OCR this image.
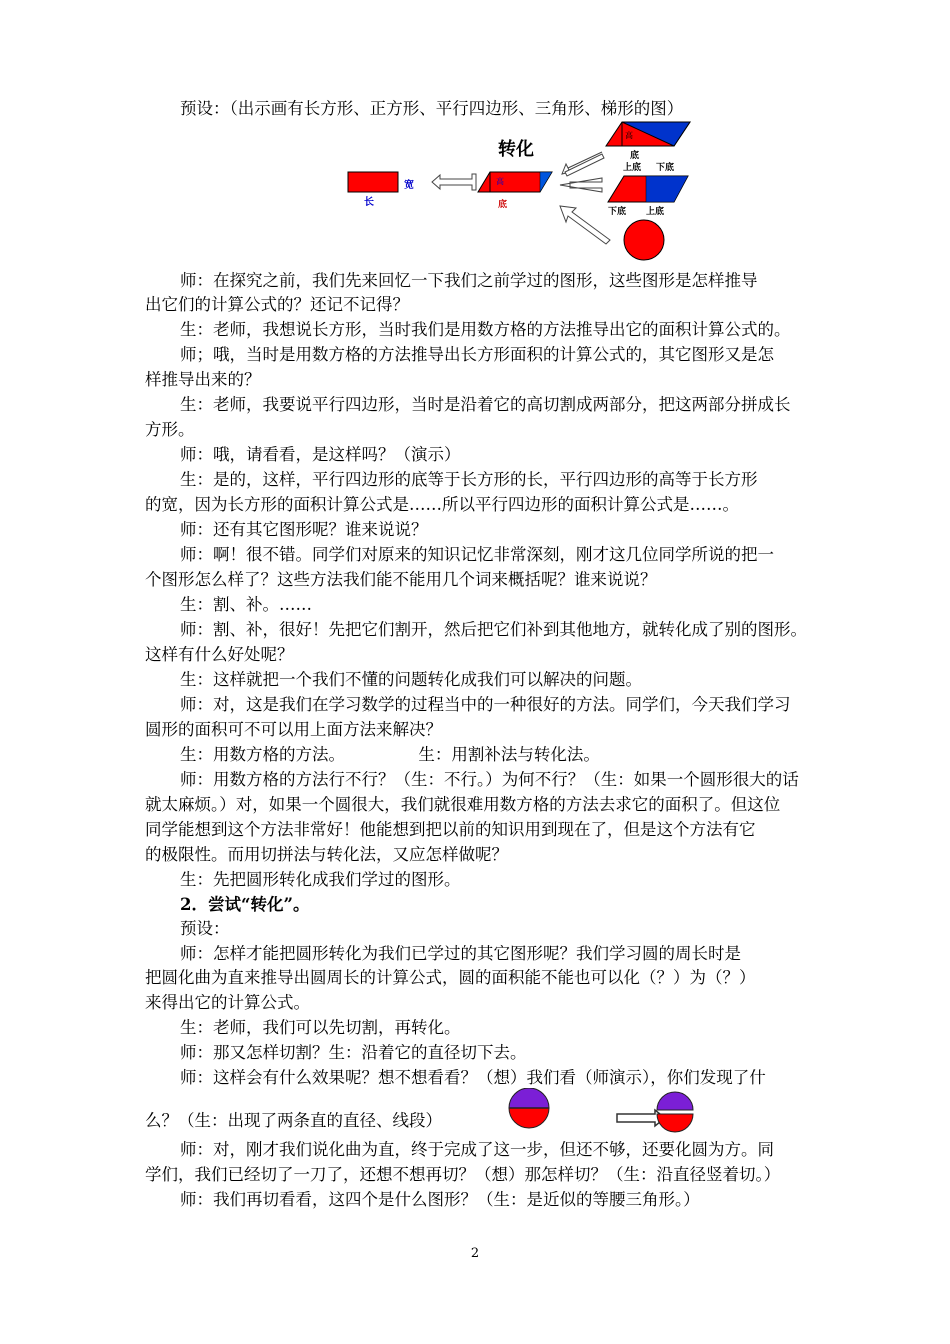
转化
宽
长
高
底
高
底
上底 下底
下底 上底
预设：（出示画有长方形、正方形、平行四边形、三角形、梯形的图）
师：在探究之前，我们先来回忆一下我们之前学过的图形，这些图形是怎样推导
出它们的计算公式的？还记不记得？
生：老师，我想说长方形，当时我们是用数方格的方法推导出它的面积计算公式的。
师；哦，当时是用数方格的方法推导出长方形面积的计算公式的，其它图形又是怎
样推导出来的？
生：老师，我要说平行四边形，当时是沿着它的高切割成两部分，把这两部分拼成长
方形。
师：哦，请看看，是这样吗？（演示）
生：是的，这样，平行四边形的底等于长方形的长，平行四边形的高等于长方形
的宽，因为长方形的面积计算公式是……所以平行四边形的面积计算公式是……。
师：还有其它图形呢？谁来说说？
师：啊！很不错。同学们对原来的知识记忆非常深刻，刚才这几位同学所说的把一
个图形怎么样了？这些方法我们能不能用几个词来概括呢？谁来说说？
生：割、补。……
师：割、补，很好！先把它们割开，然后把它们补到其他地方，就转化成了别的图形。
这样有什么好处呢？
生：这样就把一个我们不懂的问题转化成我们可以解决的问题。
师：对，这是我们在学习数学的过程当中的一种很好的方法。同学们，今天我们学习
圆形的面积可不可以用上面方法来解决？
生：用数方格的方法。              生：用割补法与转化法。
师：用数方格的方法行不行？（生：不行。）为何不行？（生：如果一个圆形很大的话
就太麻烦。）对，如果一个圆很大，我们就很难用数方格的方法去求它的面积了。但这位
同学能想到这个方法非常好！他能想到把以前的知识用到现在了，但是这个方法有它
的极限性。而用切拼法与转化法，又应怎样做呢？
生：先把圆形转化成我们学过的图形。
2．尝试“转化”。
预设：
师：怎样才能把圆形转化为我们已学过的其它图形呢？我们学习圆的周长时是
把圆化曲为直来推导出圆周长的计算公式，圆的面积能不能也可以化（？）为（？）
来得出它的计算公式。
生：老师，我们可以先切割，再转化。
师：那又怎样切割？生：沿着它的直径切下去。
师：这样会有什么效果呢？想不想看看？（想）我们看（师演示），你们发现了什
么？（生：出现了两条直的直径、线段）
师：对，刚才我们说化曲为直，终于完成了这一步，但还不够，还要化圆为方。同
学们，我们已经切了一刀了，还想不想再切？（想）那怎样切？（生：沿直径竖着切。）
师：我们再切看看，这四个是什么图形？（生：是近似的等腰三角形。）
2
